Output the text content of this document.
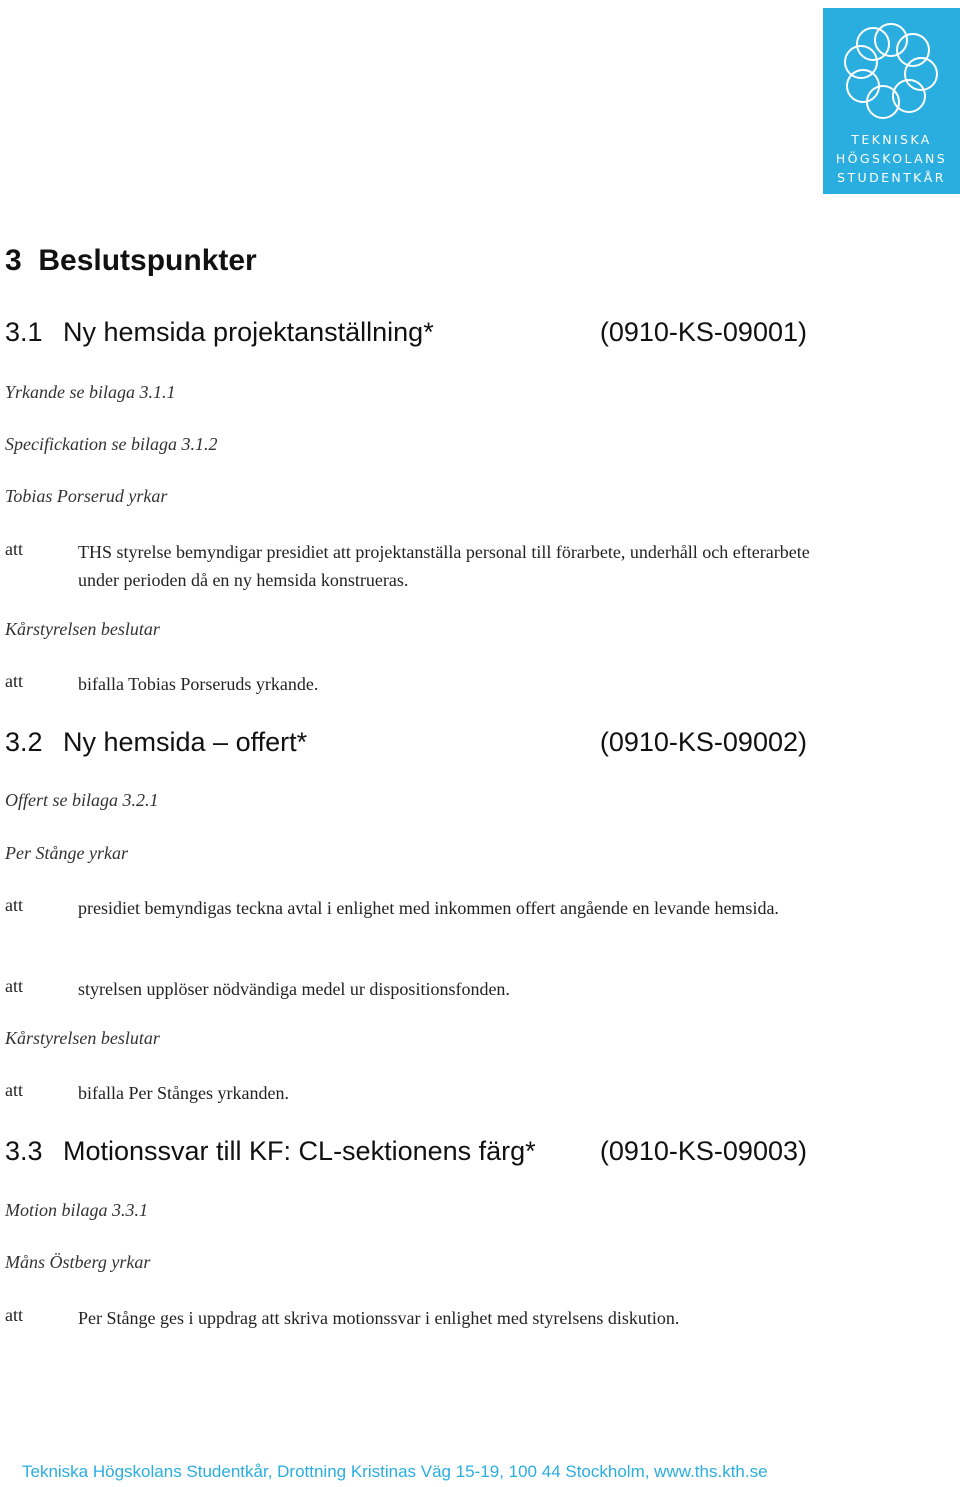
TEKNISKA
HÖGSKOLANS
STUDENTKÅR
3  Beslutspunkter
3.1 Ny hemsida projektanställning*	(0910-KS-09001)
Yrkande se bilaga 3.1.1
Specifickation se bilaga 3.1.2
Tobias Porserud yrkar
att	THS styrelse bemyndigar presidiet att projektanställa personal till förarbete, underhåll och efterarbete under perioden då en ny hemsida konstrueras.
Kårstyrelsen beslutar
att	bifalla Tobias Porseruds yrkande.
3.2 Ny hemsida – offert*	(0910-KS-09002)
Offert se bilaga 3.2.1
Per Stånge yrkar
att	presidiet bemyndigas teckna avtal i enlighet med inkommen offert angående en levande hemsida.
att	styrelsen upplöser nödvändiga medel ur dispositionsfonden.
Kårstyrelsen beslutar
att	bifalla Per Stånges yrkanden.
3.3 Motionssvar till KF: CL-sektionens färg* (0910-KS-09003)
Motion bilaga 3.3.1
Måns Östberg yrkar
att	Per Stånge ges i uppdrag att skriva motionssvar i enlighet med styrelsens diskution.
Tekniska Högskolans Studentkår, Drottning Kristinas Väg 15-19, 100 44 Stockholm, www.ths.kth.se
